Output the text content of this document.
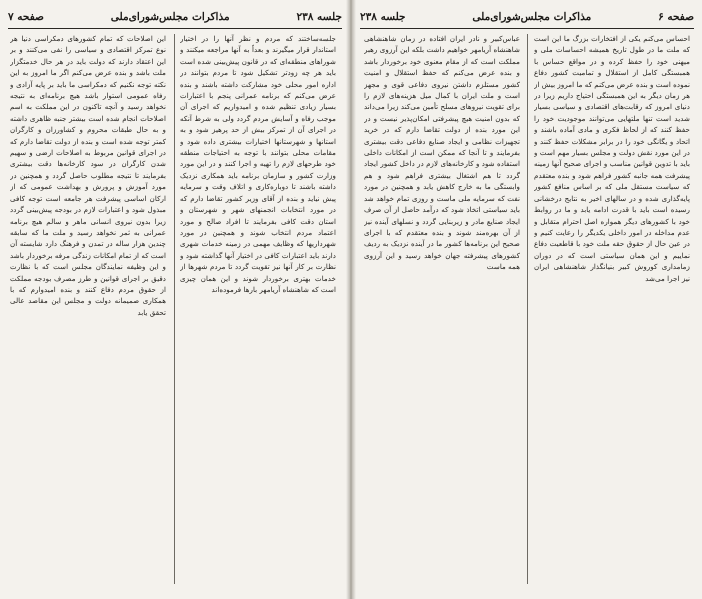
جلسه ۲۳۸
مذاکرات مجلس‌شورای‌ملی
صفحه ۷
جلسه‌ساختند که مردم و نظر آنها را در اختیار استاندار قرار میگیرند و بعداً به آنها مراجعه میکنند و شوراهای منطقه‌ای که در قانون پیش‌بینی شده است باید هر چه زودتر تشکیل شود تا مردم بتوانند در اداره امور محلی خود مشارکت داشته باشند و بنده عرض می‌کنم که برنامه عمرانی پنجم با اعتبارات بسیار زیادی تنظیم شده و امیدواریم که اجرای آن موجب رفاه و آسایش مردم گردد ولی به شرط آنکه در اجرای آن از تمرکز بیش از حد پرهیز شود و به استانها و شهرستانها اختیارات بیشتری داده شود و مقامات محلی بتوانند با توجه به احتیاجات منطقه خود طرحهای لازم را تهیه و اجرا کنند و در این مورد وزارت کشور و سازمان برنامه باید همکاری نزدیک داشته باشند تا دوباره‌کاری و اتلاف وقت و سرمایه پیش نیاید و بنده از آقای وزیر کشور تقاضا دارم که در مورد انتخابات انجمنهای شهر و شهرستان و استان دقت کافی بفرمایند تا افراد صالح و مورد اعتماد مردم انتخاب شوند و همچنین در مورد شهرداریها که وظایف مهمی در زمینه خدمات شهری دارند باید اعتبارات کافی در اختیار آنها گذاشته شود و نظارت بر کار آنها نیز تقویت گردد تا مردم شهرها از خدمات بهتری برخوردار شوند و این همان چیزی است که شاهنشاه آریامهر بارها فرموده‌اند
این اصلاحات که تمام کشورهای دمکراسی دنیا هر نوع تمرکز اقتصادی و سیاسی را نفی می‌کنند و بر این اعتقاد دارند که دولت باید در هر حال خدمتگزار ملت باشد و بنده عرض می‌کنم اگر ما امروز به این نکته توجه نکنیم که دمکراسی ما باید بر پایه آزادی و رفاه عمومی استوار باشد هیچ برنامه‌ای به نتیجه نخواهد رسید و آنچه تاکنون در این مملکت به اسم اصلاحات انجام شده است بیشتر جنبه ظاهری داشته و به حال طبقات محروم و کشاورزان و کارگران کمتر توجه شده است و بنده از دولت تقاضا دارم که در اجرای قوانین مربوط به اصلاحات ارضی و سهیم شدن کارگران در سود کارخانه‌ها دقت بیشتری بفرمایند تا نتیجه مطلوب حاصل گردد و همچنین در مورد آموزش و پرورش و بهداشت عمومی که از ارکان اساسی پیشرفت هر جامعه است توجه کافی مبذول شود و اعتبارات لازم در بودجه پیش‌بینی گردد زیرا بدون نیروی انسانی ماهر و سالم هیچ برنامه عمرانی به ثمر نخواهد رسید و ملت ما که سابقه چندین هزار ساله در تمدن و فرهنگ دارد شایسته آن است که از تمام امکانات زندگی مرفه برخوردار باشد و این وظیفه نمایندگان مجلس است که با نظارت دقیق بر اجرای قوانین و طرز مصرف بودجه مملکت از حقوق مردم دفاع کنند و بنده امیدوارم که با همکاری صمیمانه دولت و مجلس این مقاصد عالی تحقق یابد
صفحه ۶
مذاکرات مجلس‌شورای‌ملی
جلسه ۲۳۸
احساس می‌کنم یکی از افتخارات بزرگ ما این است که ملت ما در طول تاریخ همیشه احساسات ملی و میهنی خود را حفظ کرده و در مواقع حساس با همبستگی کامل از استقلال و تمامیت کشور دفاع نموده است و بنده عرض می‌کنم که ما امروز بیش از هر زمان دیگر به این همبستگی احتیاج داریم زیرا در دنیای امروز که رقابت‌های اقتصادی و سیاسی بسیار شدید است تنها ملتهایی می‌توانند موجودیت خود را حفظ کنند که از لحاظ فکری و مادی آماده باشند و اتحاد و یگانگی خود را در برابر مشکلات حفظ کنند و در این مورد نقش دولت و مجلس بسیار مهم است و باید با تدوین قوانین مناسب و اجرای صحیح آنها زمینه پیشرفت همه جانبه کشور فراهم شود و بنده معتقدم که سیاست مستقل ملی که بر اساس منافع کشور پایه‌گذاری شده و در سالهای اخیر به نتایج درخشانی رسیده است باید با قدرت ادامه یابد و ما در روابط خود با کشورهای دیگر همواره اصل احترام متقابل و عدم مداخله در امور داخلی یکدیگر را رعایت کنیم و در عین حال از حقوق حقه ملت خود با قاطعیت دفاع نماییم و این همان سیاستی است که در دوران زمامداری کوروش کبیر بنیانگذار شاهنشاهی ایران نیز اجرا می‌شد
عباس‌کبیر و نادر ایران افتاده در زمان شاهنشاهی شاهنشاه آریامهر خواهیم داشت بلکه این آرزوی رهبر مملکت است که از مقام معنوی خود برخوردار باشد و بنده عرض می‌کنم که حفظ استقلال و امنیت کشور مستلزم داشتن نیروی دفاعی قوی و مجهز است و ملت ایران با کمال میل هزینه‌های لازم را برای تقویت نیروهای مسلح تأمین می‌کند زیرا می‌داند که بدون امنیت هیچ پیشرفتی امکان‌پذیر نیست و در این مورد بنده از دولت تقاضا دارم که در خرید تجهیزات نظامی و ایجاد صنایع دفاعی دقت بیشتری بفرمایند و تا آنجا که ممکن است از امکانات داخلی استفاده شود و کارخانه‌های لازم در داخل کشور ایجاد گردد تا هم اشتغال بیشتری فراهم شود و هم وابستگی ما به خارج کاهش یابد و همچنین در مورد نفت که سرمایه ملی ماست و روزی تمام خواهد شد باید سیاستی اتخاذ شود که درآمد حاصل از آن صرف ایجاد صنایع مادر و زیربنایی گردد و نسلهای آینده نیز از آن بهره‌مند شوند و بنده معتقدم که با اجرای صحیح این برنامه‌ها کشور ما در آینده نزدیک به ردیف کشورهای پیشرفته جهان خواهد رسید و این آرزوی همه ماست
